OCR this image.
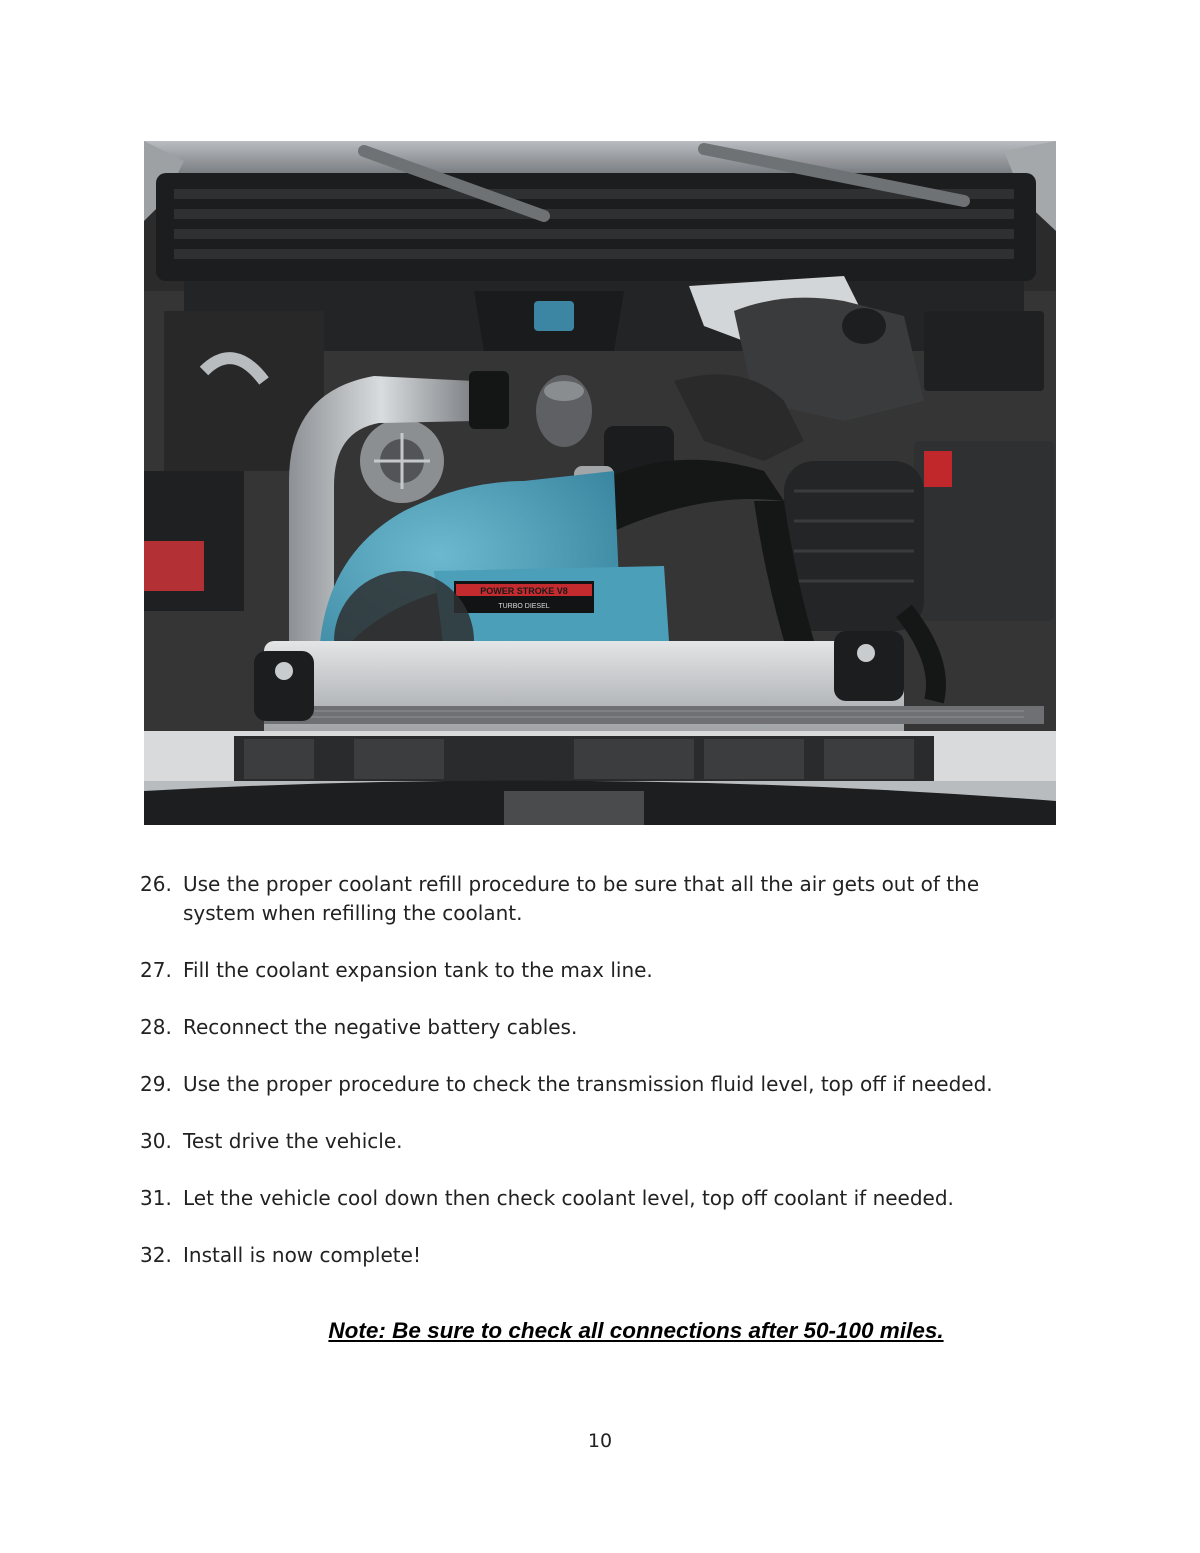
POWER STROKE V8
TURBO DIESEL
26. Use the proper coolant refill procedure to be sure that all the air gets out of the system when refilling the coolant.
27. Fill the coolant expansion tank to the max line.
28. Reconnect the negative battery cables.
29. Use the proper procedure to check the transmission fluid level, top off if needed.
30. Test drive the vehicle.
31. Let the vehicle cool down then check coolant level, top off coolant if needed.
32. Install is now complete!
Note: Be sure to check all connections after 50-100 miles.
10
